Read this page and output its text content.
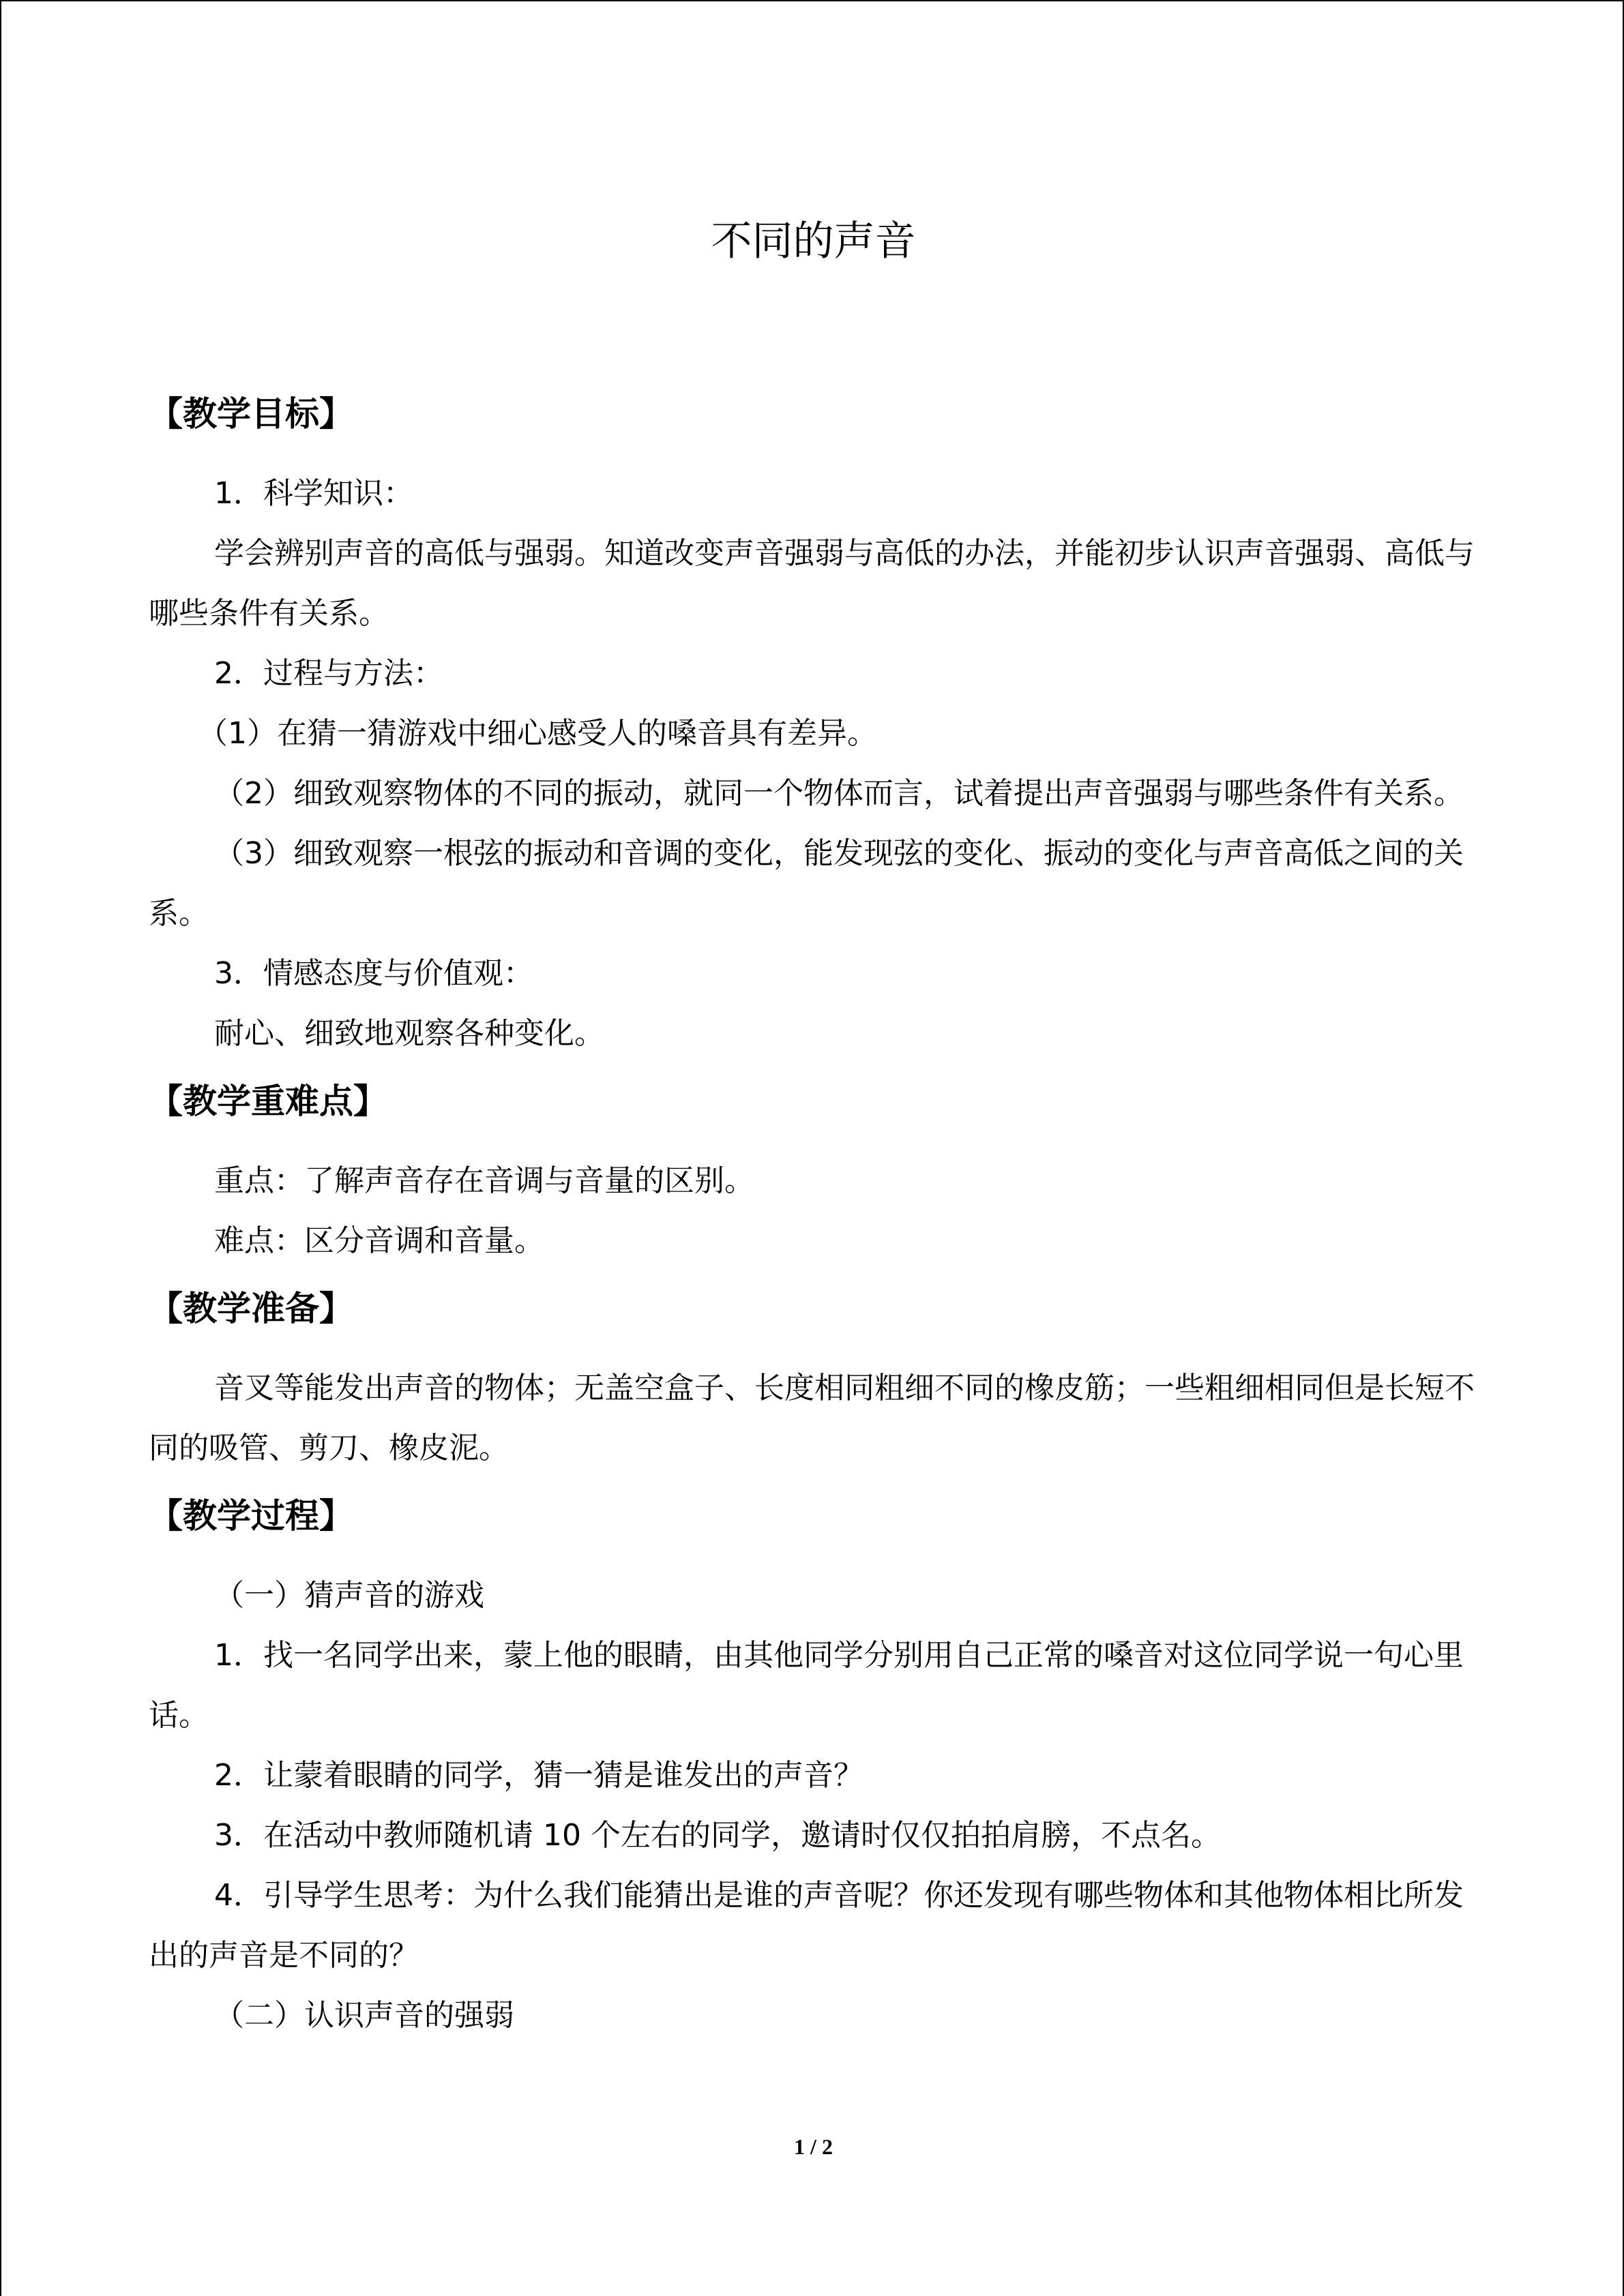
不同的声音
【教学目标】

1．科学知识：

学会辨别声音的高低与强弱。知道改变声音强弱与高低的办法，并能初步认识声音强弱、高低与哪些条件有关系。

2．过程与方法：

（1）在猜一猜游戏中细心感受人的嗓音具有差异。

（2）细致观察物体的不同的振动，就同一个物体而言，试着提出声音强弱与哪些条件有关系。

（3）细致观察一根弦的振动和音调的变化，能发现弦的变化、振动的变化与声音高低之间的关系。

3．情感态度与价值观：

耐心、细致地观察各种变化。

【教学重难点】

重点：了解声音存在音调与音量的区别。

难点：区分音调和音量。

【教学准备】

音叉等能发出声音的物体；无盖空盒子、长度相同粗细不同的橡皮筋；一些粗细相同但是长短不同的吸管、剪刀、橡皮泥。

【教学过程】

（一）猜声音的游戏

1．找一名同学出来，蒙上他的眼睛，由其他同学分别用自己正常的嗓音对这位同学说一句心里话。

2．让蒙着眼睛的同学，猜一猜是谁发出的声音？

3．在活动中教师随机请 10 个左右的同学，邀请时仅仅拍拍肩膀，不点名。

4．引导学生思考：为什么我们能猜出是谁的声音呢？你还发现有哪些物体和其他物体相比所发出的声音是不同的？

（二）认识声音的强弱

1 / 2
